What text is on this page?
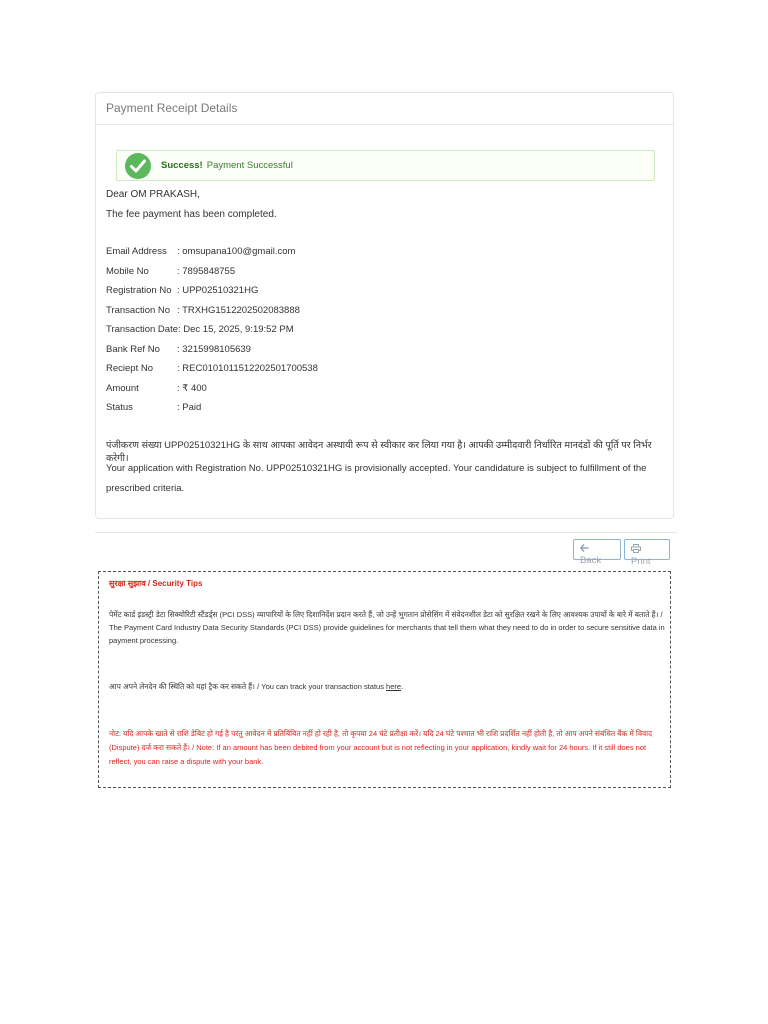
Payment Receipt Details
Success! Payment Successful
Dear OM PRAKASH,
The fee payment has been completed.
Email Address : omsupana100@gmail.com
Mobile No	: 7895848755
Registration No : UPP02510321HG
Transaction No : TRXHG1512202502083888
Transaction Date: Dec 15, 2025, 9:19:52 PM
Bank Ref No : 3215998105639
Reciept No	: REC010101151220250170053​8
Amount	: ₹ 400
Status	: Paid
पंजीकरण संख्या UPP02510321HG के साथ आपका आवेदन अस्थायी रूप से स्वीकार कर लिया गया है। आपकी उम्मीदवारी निर्धारित मानदंडों की पूर्ति पर निर्भर करेगी।
Your application with Registration No. UPP02510321HG is provisionally accepted. Your candidature is subject to fulfillment of the prescribed criteria.
Back	Print
सुरक्षा सुझाव / Security Tips
पेमेंट कार्ड इंडस्ट्री डेटा सिक्योरिटी स्टैंडर्ड्स (PCI DSS) व्यापारियों के लिए दिशानिर्देश प्रदान करते हैं, जो उन्हें भुगतान प्रोसेसिंग में संवेदनशील डेटा को सुरक्षित रखने के लिए आवश्यक उपायों के बारे में बताते हैं। / The Payment Card Industry Data Security Standards (PCI DSS) provide guidelines for merchants that tell them what they need to do in order to secure sensitive data in payment processing.
आप अपने लेनदेन की स्थिति को यहां ट्रैक कर सकते हैं। / You can track your transaction status here.
नोट: यदि आपके खाते से राशि डेबिट हो गई है परंतु आवेदन में प्रतिबिंबित नहीं हो रही है, तो कृपया 24 घंटे प्रतीक्षा करें। यदि 24 घंटे पश्चात भी राशि प्रदर्शित नहीं होती है, तो आप अपने संबंधित बैंक में विवाद (Dispute) दर्ज करा सकते हैं। / Note: If an amount has been debited from your account but is not reflecting in your application, kindly wait for 24 hours. If it still does not reflect, you can raise a dispute with your bank.
